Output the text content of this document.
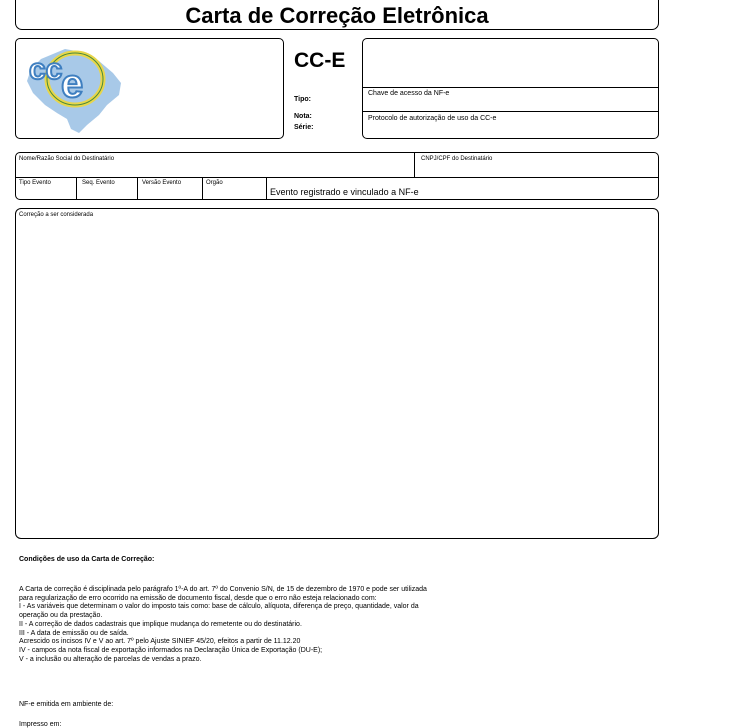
Carta de Correção Eletrônica
cc
e
CC-E
Tipo:
Nota:
Série:
Chave de acesso da NF-e
Protocolo de autorização de uso da CC-e
Nome/Razão Social do Destinatário	CNPJ/CPF do Destinatário
Tipo Evento	Seq. Evento	Versão Evento	Orgão
Evento registrado e vinculado a NF-e
Correção a ser considerada
Condições de uso da Carta de Correção:
A Carta de correção é disciplinada pelo parágrafo 1º-A do art. 7º do Convenio S/N, de 15 de dezembro de 1970 e pode ser utilizada
para regularização de erro ocorrido na emissão de documento fiscal, desde que o erro não esteja relacionado com:
I - As variáveis que determinam o valor do imposto tais como: base de cálculo, alíquota, diferença de preço, quantidade, valor da
operação ou da prestação.
II - A correção de dados cadastrais que implique mudança do remetente ou do destinatário.
III - A data de emissão ou de saída.
Acrescido os incisos IV e V ao art. 7º pelo Ajuste SINIEF 45/20, efeitos a partir de 11.12.20
IV - campos da nota fiscal de exportação informados na Declaração Única de Exportação (DU-E);
V - a inclusão ou alteração de parcelas de vendas a prazo.
NF-e emitida em ambiente de:
Impresso em:
